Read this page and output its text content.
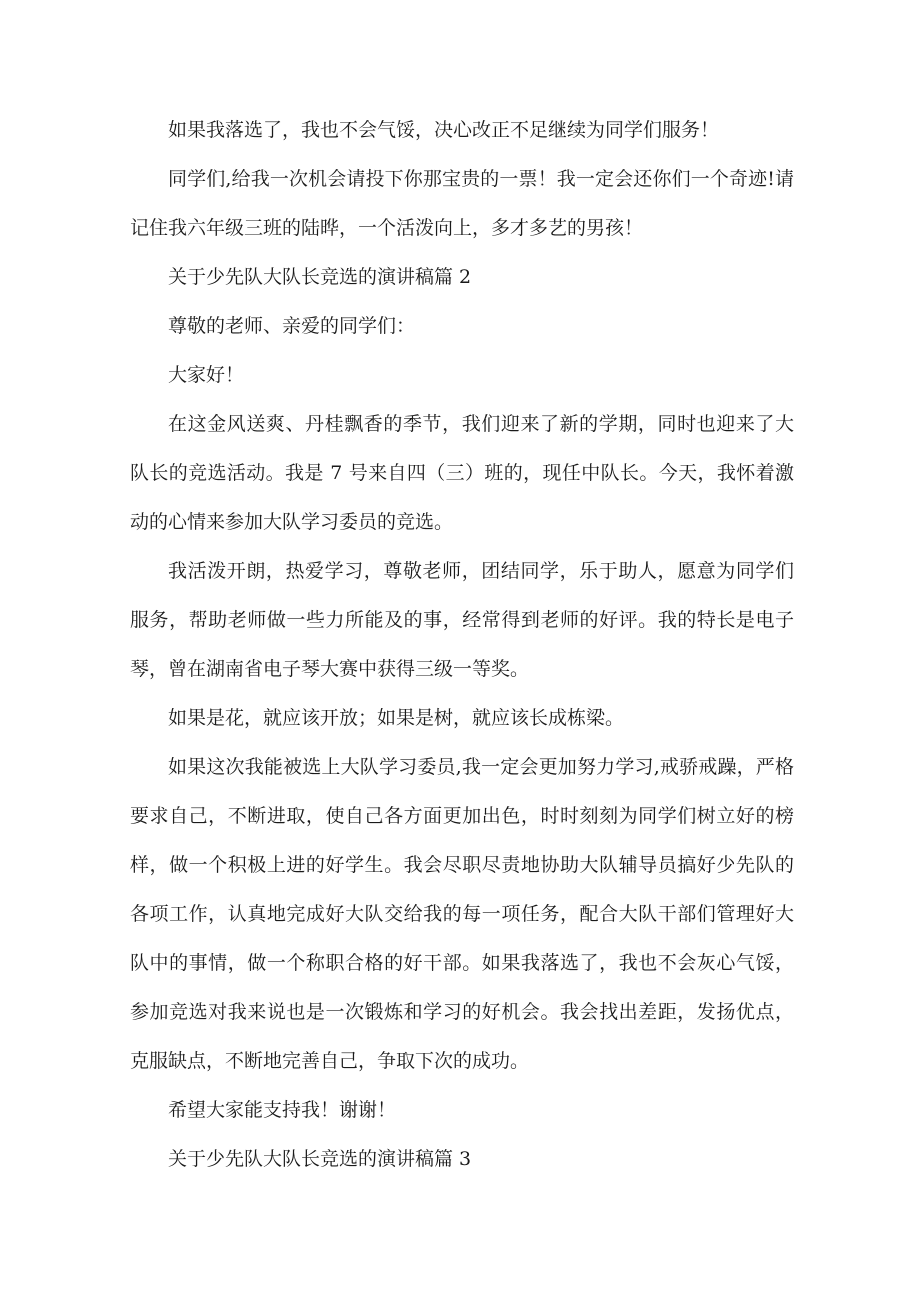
如果我落选了，我也不会气馁，决心改正不足继续为同学们服务！

同学们,给我一次机会请投下你那宝贵的一票！我一定会还你们一个奇迹!请记住我六年级三班的陆晔，一个活泼向上，多才多艺的男孩！

关于少先队大队长竞选的演讲稿篇 2

尊敬的老师、亲爱的同学们：

大家好！

在这金风送爽、丹桂飘香的季节，我们迎来了新的学期，同时也迎来了大队长的竞选活动。我是 7 号来自四（三）班的，现任中队长。今天，我怀着激动的心情来参加大队学习委员的竞选。

我活泼开朗，热爱学习，尊敬老师，团结同学，乐于助人，愿意为同学们服务，帮助老师做一些力所能及的事，经常得到老师的好评。我的特长是电子琴，曾在湖南省电子琴大赛中获得三级一等奖。

如果是花，就应该开放；如果是树，就应该长成栋梁。

如果这次我能被选上大队学习委员,我一定会更加努力学习,戒骄戒躁，严格要求自己，不断进取，使自己各方面更加出色，时时刻刻为同学们树立好的榜样，做一个积极上进的好学生。我会尽职尽责地协助大队辅导员搞好少先队的各项工作，认真地完成好大队交给我的每一项任务，配合大队干部们管理好大队中的事情，做一个称职合格的好干部。如果我落选了，我也不会灰心气馁，参加竞选对我来说也是一次锻炼和学习的好机会。我会找出差距，发扬优点，克服缺点，不断地完善自己，争取下次的成功。

希望大家能支持我！谢谢！

关于少先队大队长竞选的演讲稿篇 3
